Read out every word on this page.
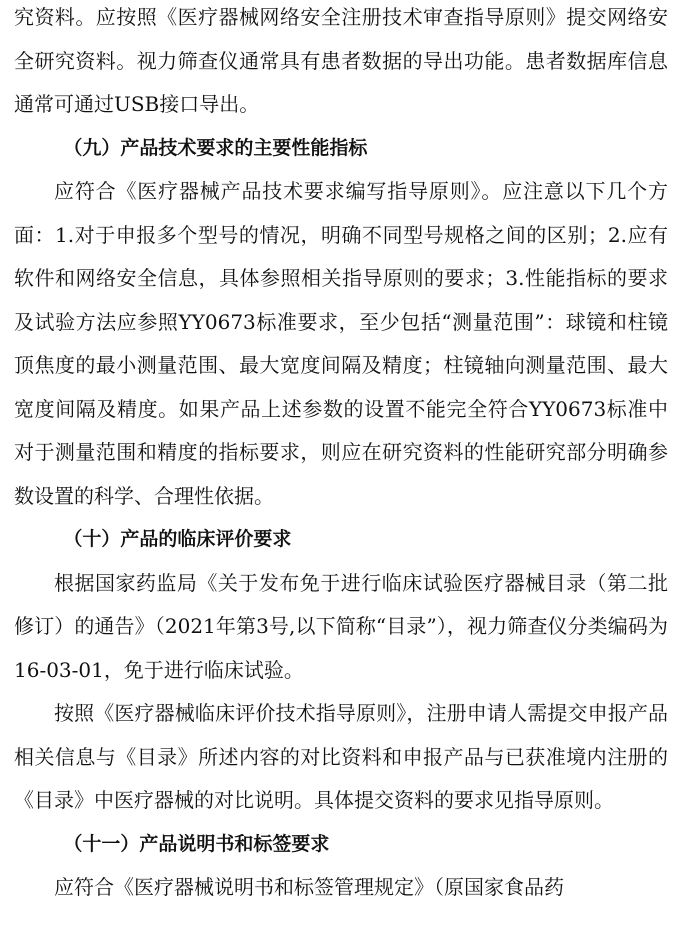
究资料。应按照《医疗器械网络安全注册技术审查指导原则》提交网络安全研究资料。视力筛查仪通常具有患者数据的导出功能。患者数据库信息通常可通过USB接口导出。

（九）产品技术要求的主要性能指标

应符合《医疗器械产品技术要求编写指导原则》。应注意以下几个方面：1.对于申报多个型号的情况，明确不同型号规格之间的区别；2.应有软件和网络安全信息，具体参照相关指导原则的要求；3.性能指标的要求及试验方法应参照YY0673标准要求，至少包括“测量范围”：球镜和柱镜顶焦度的最小测量范围、最大宽度间隔及精度；柱镜轴向测量范围、最大宽度间隔及精度。如果产品上述参数的设置不能完全符合YY0673标准中对于测量范围和精度的指标要求，则应在研究资料的性能研究部分明确参数设置的科学、合理性依据。

（十）产品的临床评价要求

根据国家药监局《关于发布免于进行临床试验医疗器械目录（第二批修订）的通告》（2021年第3号,以下简称“目录”），视力筛查仪分类编码为16-03-01，免于进行临床试验。

按照《医疗器械临床评价技术指导原则》，注册申请人需提交申报产品相关信息与《目录》所述内容的对比资料和申报产品与已获准境内注册的《目录》中医疗器械的对比说明。具体提交资料的要求见指导原则。

（十一）产品说明书和标签要求

应符合《医疗器械说明书和标签管理规定》（原国家食品药
